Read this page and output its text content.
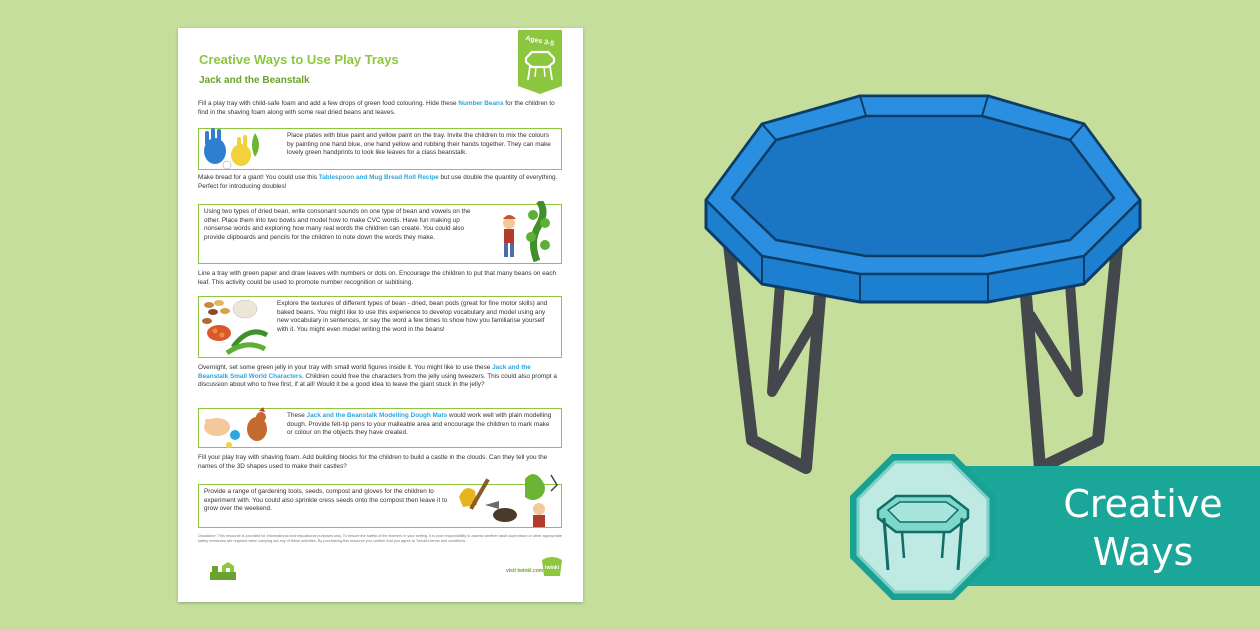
Creative Ways to Use Play Trays
Jack and the Beanstalk
Ages 3-5
Fill a play tray with child-safe foam and add a few drops of green food colouring. Hide these Number Beans for the children to find in the shaving foam along with some real dried beans and leaves.
Place plates with blue paint and yellow paint on the tray. Invite the children to mix the colours by painting one hand blue, one hand yellow and rubbing their hands together. They can make lovely green handprints to look like leaves for a class beanstalk.
Make bread for a giant! You could use this Tablespoon and Mug Bread Roll Recipe but use double the quantity of everything. Perfect for introducing doubles!
Using two types of dried bean, write consonant sounds on one type of bean and vowels on the other. Place them into two bowls and model how to make CVC words. Have fun making up nonsense words and exploring how many real words the children can create. You could also provide clipboards and pencils for the children to note down the words they make.
Line a tray with green paper and draw leaves with numbers or dots on. Encourage the children to put that many beans on each leaf. This activity could be used to promote number recognition or subitising.
Explore the textures of different types of bean - dried, bean pods (great for fine motor skills) and baked beans. You might like to use this experience to develop vocabulary and model using any new vocabulary in sentences, or say the word a few times to show how you familiarise yourself with it. You might even model writing the word in the beans!
Overnight, set some green jelly in your tray with small world figures inside it. You might like to use these Jack and the Beanstalk Small World Characters. Children could free the characters from the jelly using tweezers. This could also prompt a discussion about who to free first, if at all! Would it be a good idea to leave the giant stuck in the jelly?
These Jack and the Beanstalk Modelling Dough Mats would work well with plain modelling dough. Provide felt-tip pens to your malleable area and encourage the children to mark make or colour on the objects they have created.
Fill your play tray with shaving foam. Add building blocks for the children to build a castle in the clouds. Can they tell you the names of the 3D shapes used to make their castles?
Provide a range of gardening tools, seeds, compost and gloves for the children to experiment with. You could also sprinkle cress seeds onto the compost then leave it to grow over the weekend.
Disclaimer: This resource is provided for informational and educational purposes only. To ensure the safety of the learners in your setting, it is your responsibility to assess whether adult supervision or other appropriate safety measures are required when carrying out any of these activities. By purchasing this resource you confirm that you agree to Twinkl's terms and conditions.
visit twinkl.com twinkl
Creative
Ways
